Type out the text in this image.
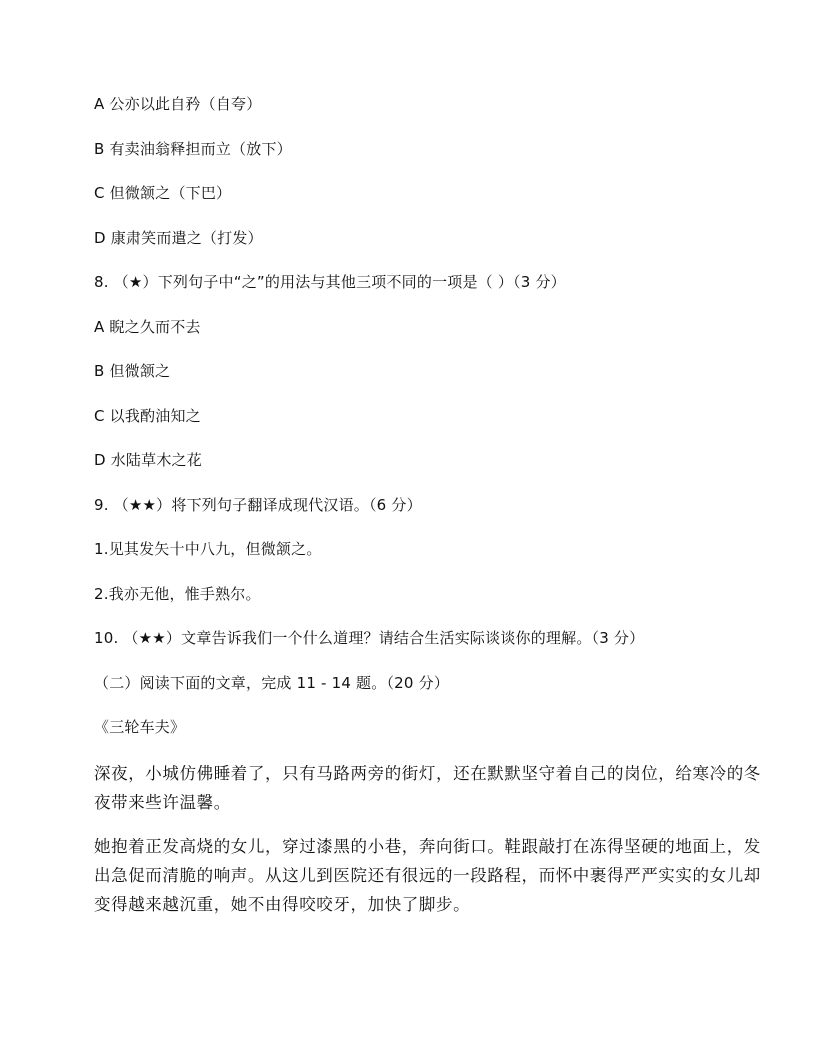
A 公亦以此自矜（自夸）
B 有卖油翁释担而立（放下）
C 但微颔之（下巴）
D 康肃笑而遣之（打发）
8. （★）下列句子中“之”的用法与其他三项不同的一项是（ ）（3 分）
A 睨之久而不去
B 但微颔之
C 以我酌油知之
D 水陆草木之花
9. （★★）将下列句子翻译成现代汉语。（6 分）
1.见其发矢十中八九，但微颔之。
2.我亦无他，惟手熟尔。
10. （★★）文章告诉我们一个什么道理？请结合生活实际谈谈你的理解。（3 分）
（二）阅读下面的文章，完成 11 - 14 题。（20 分）
《三轮车夫》
深夜，小城仿佛睡着了，只有马路两旁的街灯，还在默默坚守着自己的岗位，给寒冷的冬
夜带来些许温馨。
她抱着正发高烧的女儿，穿过漆黑的小巷，奔向街口。鞋跟敲打在冻得坚硬的地面上，发
出急促而清脆的响声。从这儿到医院还有很远的一段路程，而怀中裹得严严实实的女儿却
变得越来越沉重，她不由得咬咬牙，加快了脚步。
